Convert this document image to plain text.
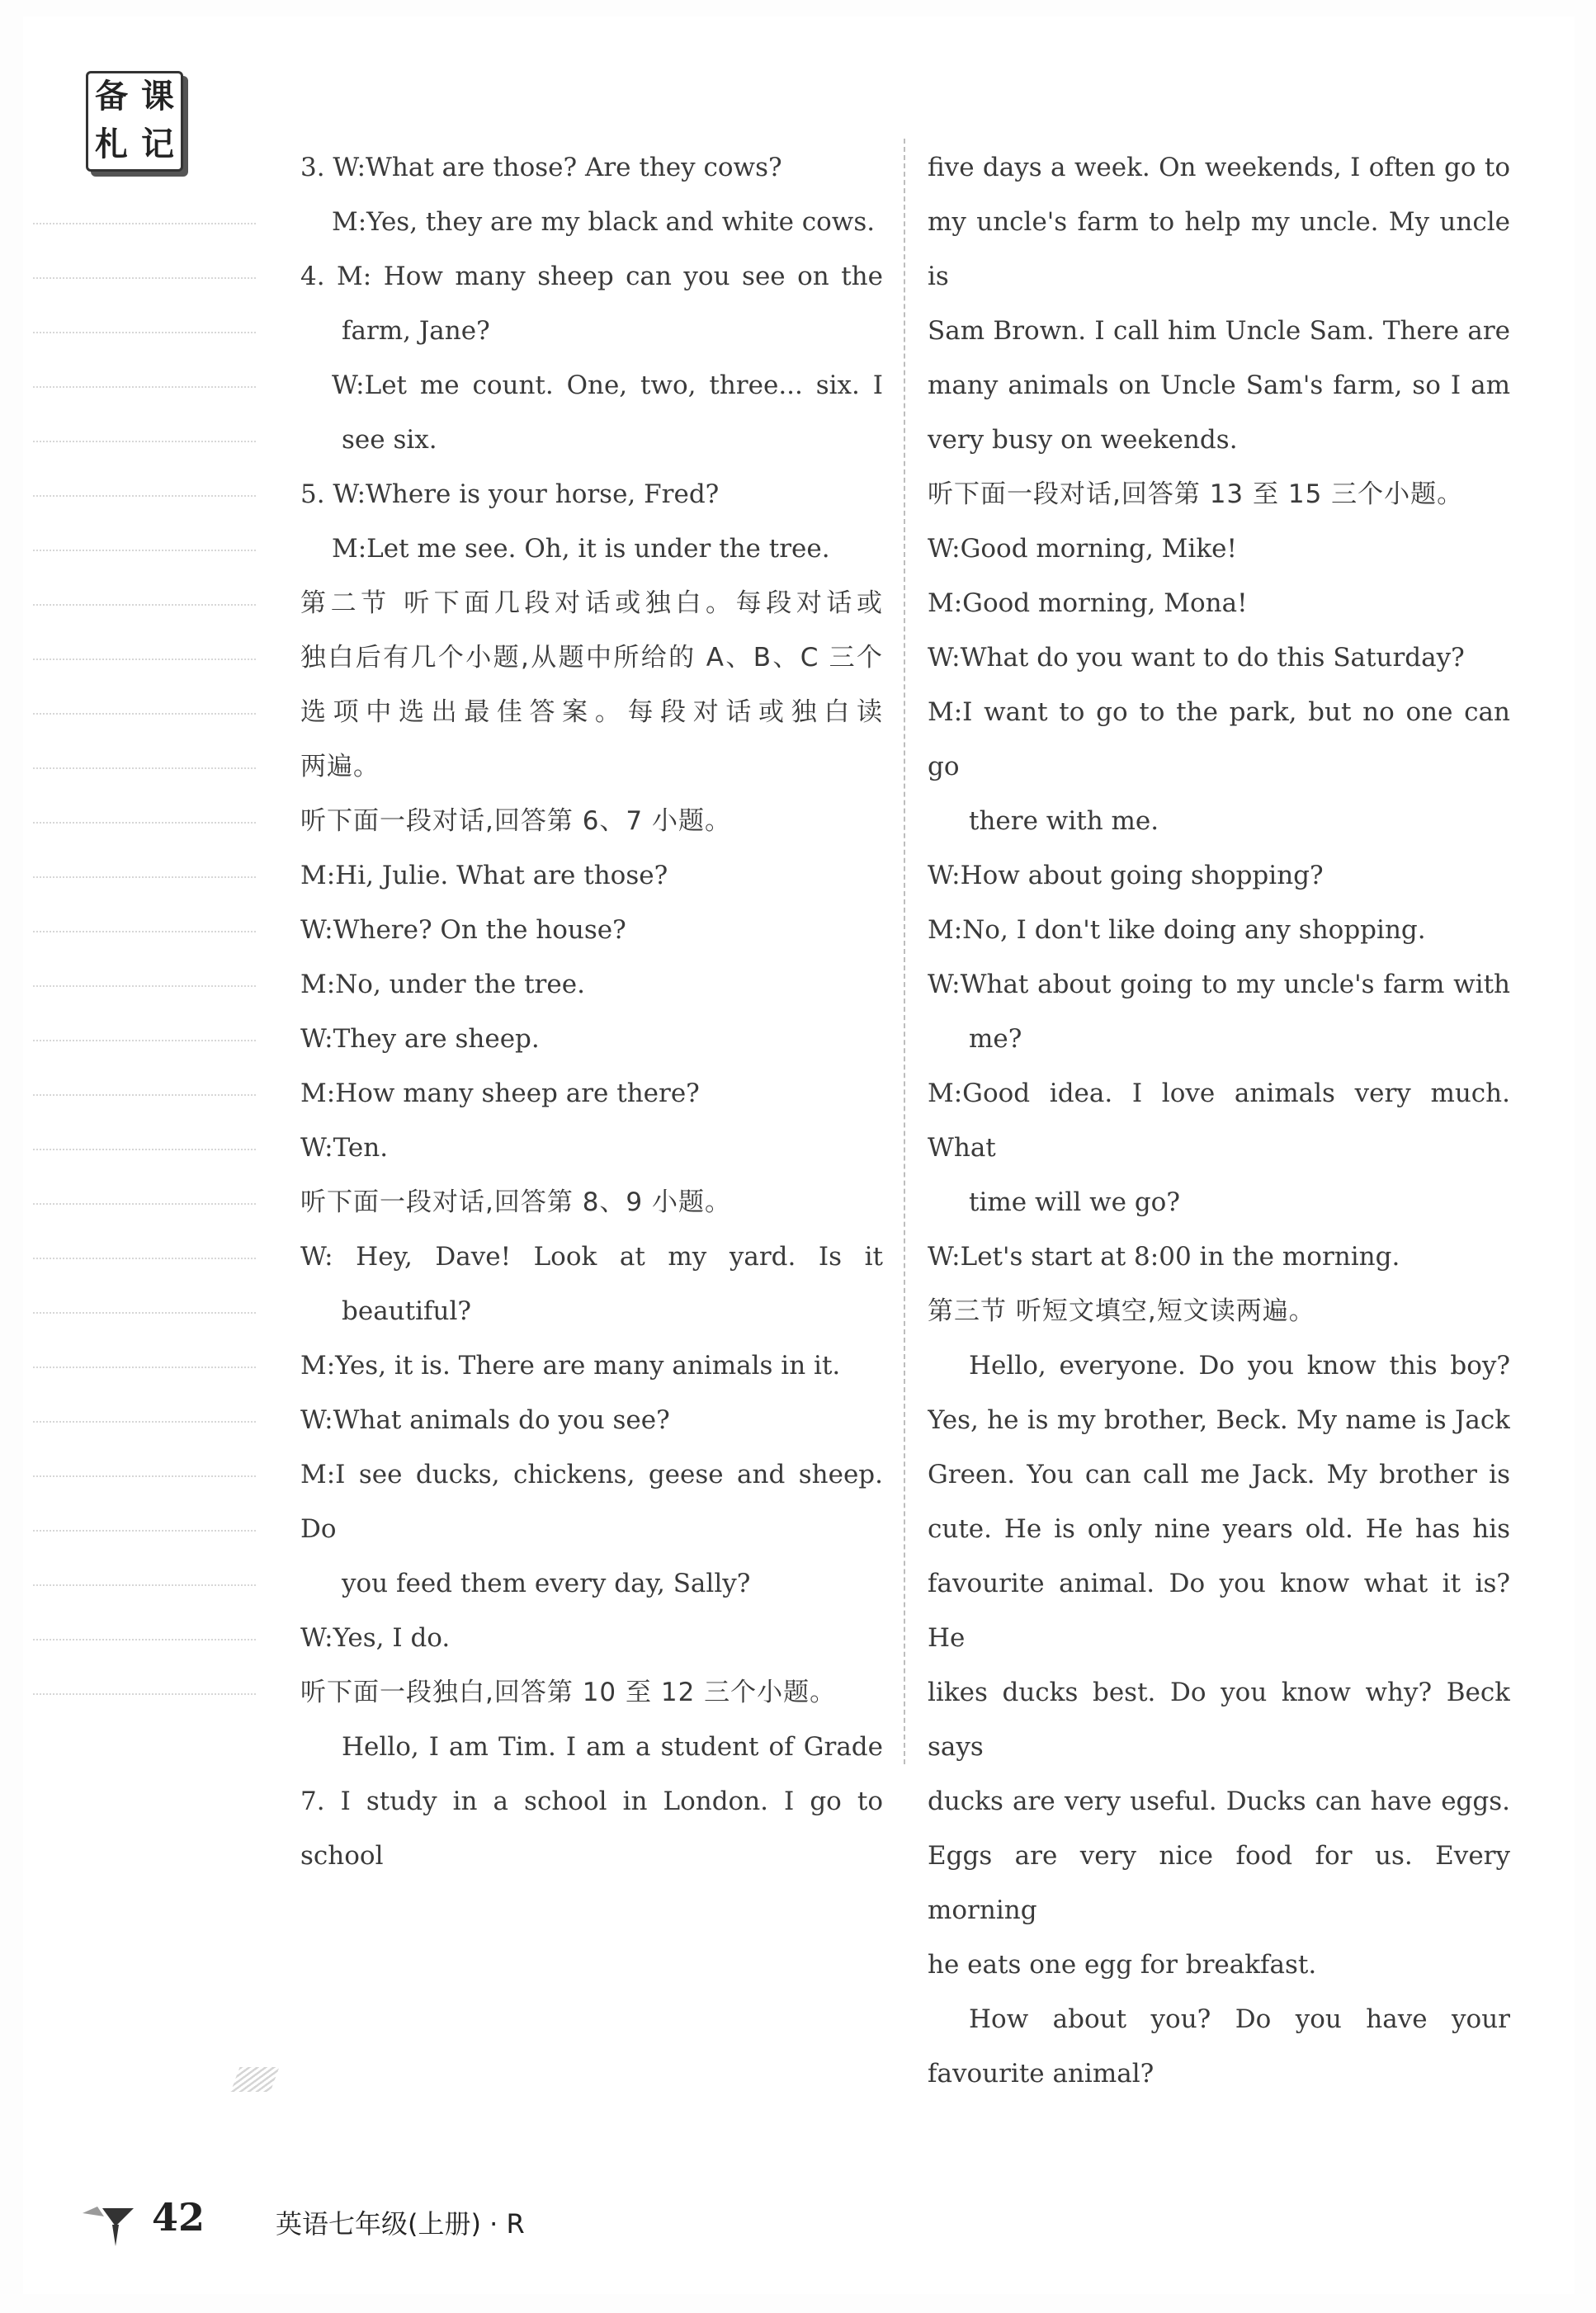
备 课
札 记
3. W:What are those? Are they cows?
M:Yes, they are my black and white cows.
4. M: How many sheep can you see on the
farm, Jane?
W:Let me count. One, two, three... six. I
see six.
5. W:Where is your horse, Fred?
M:Let me see. Oh, it is under the tree.
第二节 听下面几段对话或独白。每段对话或
独白后有几个小题,从题中所给的 A、B、C 三个
选项中选出最佳答案。每段对话或独白读
两遍。
听下面一段对话,回答第 6、7 小题。
M:Hi, Julie. What are those?
W:Where? On the house?
M:No, under the tree.
W:They are sheep.
M:How many sheep are there?
W:Ten.
听下面一段对话,回答第 8、9 小题。
W: Hey, Dave! Look at my yard. Is it
beautiful?
M:Yes, it is. There are many animals in it.
W:What animals do you see?
M:I see ducks, chickens, geese and sheep. Do
you feed them every day, Sally?
W:Yes, I do.
听下面一段独白,回答第 10 至 12 三个小题。
Hello, I am Tim. I am a student of Grade
7. I study in a school in London. I go to school
five days a week. On weekends, I often go to
my uncle's farm to help my uncle. My uncle is
Sam Brown. I call him Uncle Sam. There are
many animals on Uncle Sam's farm, so I am
very busy on weekends.
听下面一段对话,回答第 13 至 15 三个小题。
W:Good morning, Mike!
M:Good morning, Mona!
W:What do you want to do this Saturday?
M:I want to go to the park, but no one can go
there with me.
W:How about going shopping?
M:No, I don't like doing any shopping.
W:What about going to my uncle's farm with
me?
M:Good idea. I love animals very much. What
time will we go?
W:Let's start at 8:00 in the morning.
第三节 听短文填空,短文读两遍。
Hello, everyone. Do you know this boy?
Yes, he is my brother, Beck. My name is Jack
Green. You can call me Jack. My brother is
cute. He is only nine years old. He has his
favourite animal. Do you know what it is? He
likes ducks best. Do you know why? Beck says
ducks are very useful. Ducks can have eggs.
Eggs are very nice food for us. Every morning
he eats one egg for breakfast.
How about you? Do you have your
favourite animal?
42	英语七年级(上册) · R
